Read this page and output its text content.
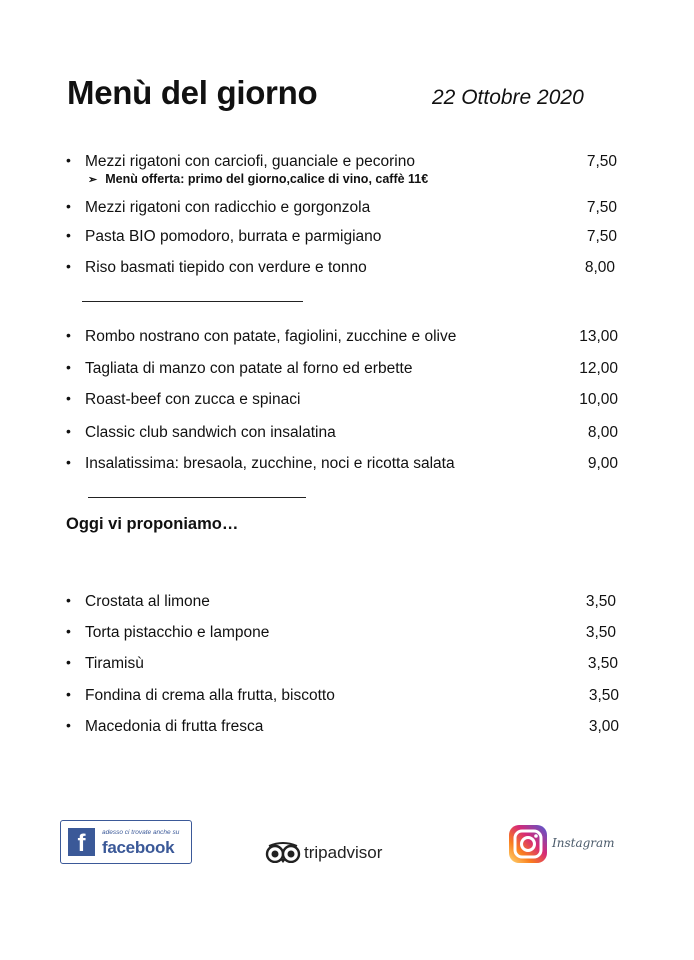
Menù del giorno	22 Ottobre 2020
• Mezzi rigatoni con carciofi, guanciale e pecorino	7,50
➢ Menù offerta: primo del giorno,calice di vino, caffè 11€
• Mezzi rigatoni con radicchio e gorgonzola	7,50
• Pasta BIO pomodoro, burrata e parmigiano	7,50
• Riso basmati tiepido con verdure e tonno	8,00
• Rombo nostrano con patate, fagiolini, zucchine e olive	13,00
• Tagliata di manzo con patate al forno ed erbette	12,00
• Roast-beef con zucca e spinaci	10,00
• Classic club sandwich con insalatina	8,00
• Insalatissima: bresaola, zucchine, noci e ricotta salata	9,00
Oggi vi proponiamo…
• Crostata al limone	3,50
• Torta pistacchio e lampone	3,50
• Tiramisù	3,50
• Fondina di crema alla frutta, biscotto	3,50
• Macedonia di frutta fresca	3,00
f	adesso ci trovate anche su
facebook	tripadvisor	Instagram
